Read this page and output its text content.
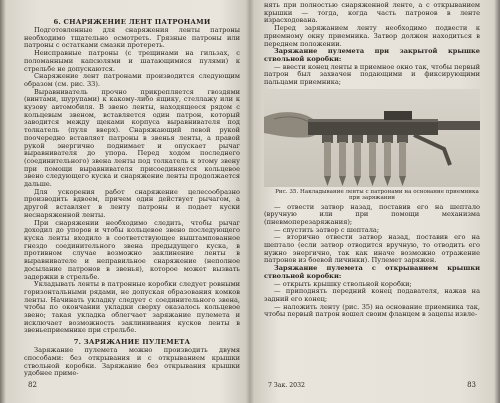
6. СНАРЯЖЕНИЕ ЛЕНТ ПАТРОНАМИ

Подготовленные для снаряжения ленты патроны необходимо тщательно осмотреть. Грязные патроны или патроны с остатками смазки протереть.

Неисправные патроны (с трещинами на гильзах, с поломанными капсюлями и шатающимися пулями) к стрельбе не допускаются.

Снаряжение лент патронами производится следующим образом (см. рис. 33).

Выравниватель прочно прикрепляется гвоздями (винтами, шурупами) к какому-либо ящику, стеллажу или к кузову автомобиля. В звено ленты, находящееся рядом с кольцевым звеном, вставляется один патрон, который заводится между щеками корпуса выравнивателя под толкатель (пуля вверх). Снаряжающий левой рукой поочередно вставляет патроны в звенья ленты, а правой рукой энергично поднимает и опускает рычаг выравнивателя до упора. Перед ходом последнего (соединительного) звена ленты под толкатель к этому звену при помощи выравнивателя присоединяется кольцевое звено следующего куска и снаряжение ленты продолжается дальше.

Для ускорения работ снаряжение целесообразно производить вдвоем, причем один действует рычагом, а другой вставляет в ленту патроны и подает куски неснаряженной ленты.

При снаряжении необходимо следить, чтобы рычаг доходил до упоров и чтобы кольцевое звено последующего куска ленты входило в соответствующее выштампованное гнездо соединительного звена предыдущего куска, в противном случае возможно заклинение ленты в выравнивателе и неправильное снаряжение (неполное досылание патронов в звенья), которое может вызвать задержки в стрельбе.

Укладывать ленты в патронные коробки следует ровными горизонтальными рядами, не допуская образования комков ленты. Начинать укладку следует с соединительного звена, чтобы по окончании укладки сверху оказалось кольцевое звено; такая укладка облегчает заряжание пулемета и исключает возможность заклинивания кусков ленты в звеньеприемнике при стрельбе.

7. ЗАРЯЖАНИЕ ПУЛЕМЕТА

Заряжание пулемета можно производить двумя способами: без открывания и с открыванием крышки ствольной коробки. Заряжание без открывания крышки удобнее приме-

82

нять при полностью снаряженной ленте, а с открыванием крышки — тогда, когда часть патронов в ленте израсходована.

Перед заряжанием ленту необходимо подвести к приемному окну приемника. Затвор должен находиться в переднем положении.

Заряжание пулемета при закрытой крышке ствольной коробки:

— ввести конец ленты в приемное окно так, чтобы первый патрон был захвачен подающими и фиксирующими пальцами приемника;

Рис. 35. Накладывание ленты с патронами на основание приемника при заряжании

— отвести затвор назад, поставив его на шептало (вручную или при помощи механизма (пневмоперезаряжания);

— спустить затвор с шептала;

— вторично отвести затвор назад, поставив его на шептало (если затвор отводится вручную, то отводить его нужно энергично, так как иначе возможно отражение патронов из боевой личинки). Пулемет заряжен.

Заряжание пулемета с открыванием крышки ствольной коробки:

— открыть крышку ствольной коробки;

— приподнять передний конец подавателя, нажав на задний его конец;

— наложить ленту (рис. 35) на основание приемника так, чтобы первый патрон вошел своим фланцем в зацепы извле-

7 Зак. 2032	83
